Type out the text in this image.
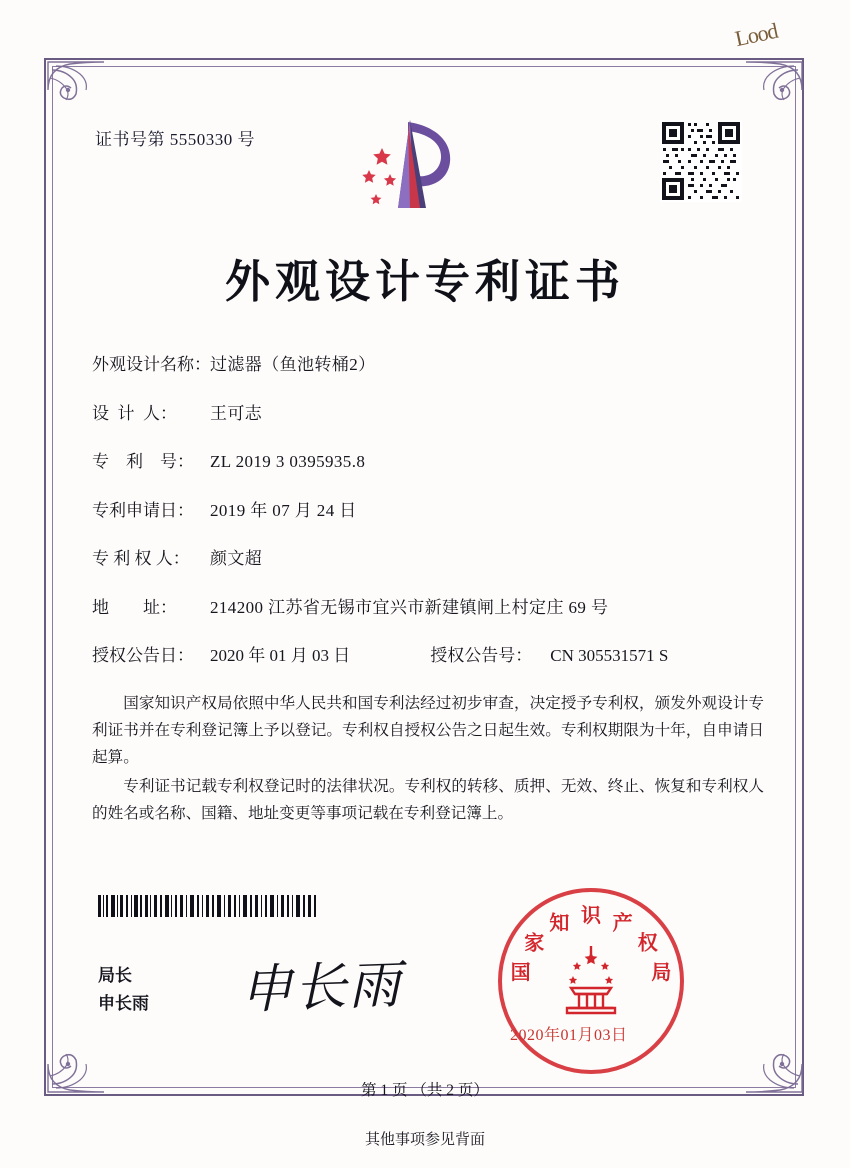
Lood
证书号第 5550330 号
外观设计专利证书
外观设计名称： 过滤器（鱼池转桶2）
设  计  人：	王可志
专    利    号： ZL 2019 3 0395935.8
专利申请日： 2019 年 07 月 24 日
专 利 权 人：	颜文超
地        址：	214200 江苏省无锡市宜兴市新建镇闸上村定庄 69 号
授权公告日： 2020 年 01 月 03 日	授权公告号：	CN 305531571 S

国家知识产权局依照中华人民共和国专利法经过初步审查，决定授予专利权，颁发外观设计专利证书并在专利登记簿上予以登记。专利权自授权公告之日起生效。专利权期限为十年，自申请日起算。

专利证书记载专利权登记时的法律状况。专利权的转移、质押、无效、终止、恢复和专利权人的姓名或名称、国籍、地址变更等事项记载在专利登记簿上。

国
家
知 识 产
权
局
局长
申长雨 申长雨
2020年01月03日
第 1 页 （共 2 页）
其他事项参见背面
